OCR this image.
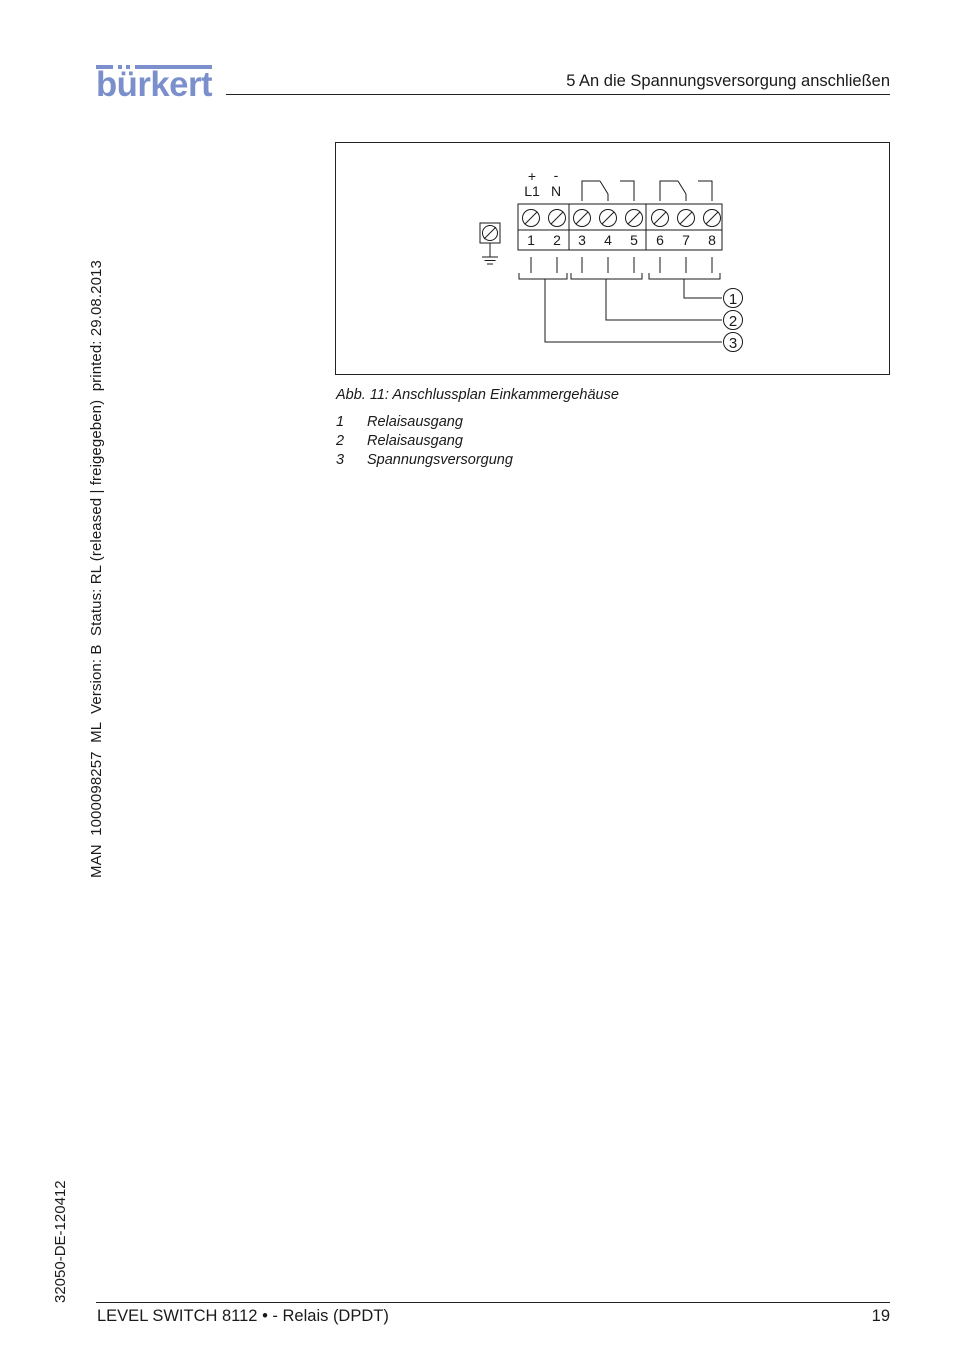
bürkert	5 An die Spannungsversorgung anschließen
MAN  1000098257  ML  Version: B  Status: RL (released | freigegeben)  printed: 29.08.2013
32050-DE-120412
1 2 3 4 5 6 7 8
+ -
L1 N
1
2
3
Abb. 11: Anschlussplan Einkammergehäuse
1	Relaisausgang
2	Relaisausgang
3	Spannungsversorgung
LEVEL SWITCH 8112 • - Relais (DPDT)	19
